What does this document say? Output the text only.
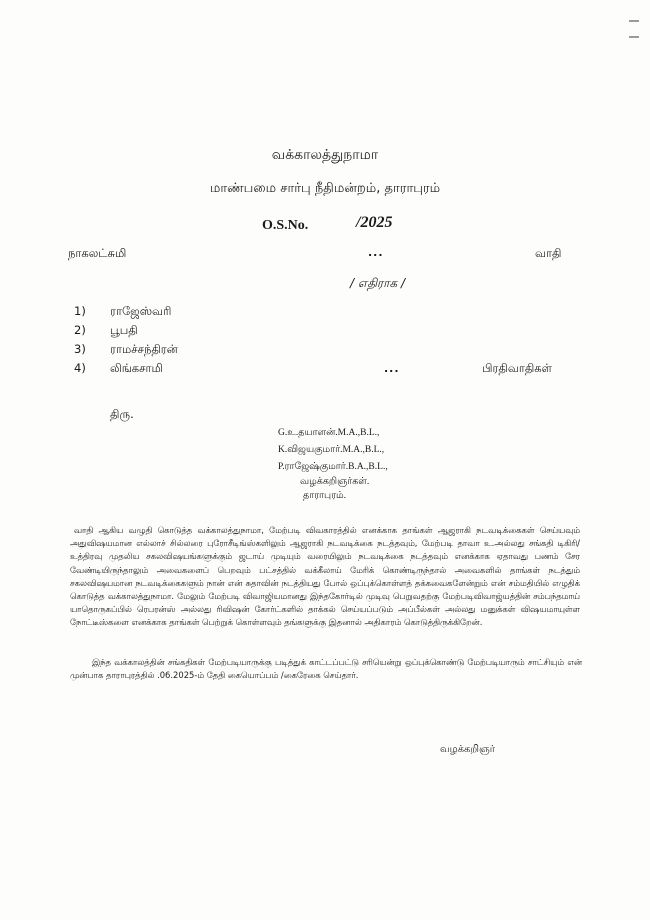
வக்காலத்துநாமா
மாண்பமை சார்பு நீதிமன்றம், தாராபுரம்
O.S.No.	/2025
நாகலட்சுமி	...	வாதி
/ எதிராக /
1) ராஜேஸ்வரி
2) பூபதி
3) ராமச்சந்திரன்
4) லிங்கசாமி	...	பிரதிவாதிகள்
திரு.
G.உ.தயாளன்.M.A.,B.L.,
K.விஜயகுமார்.M.A.,B.L.,
P.ராஜேஷ்குமார்.B.A.,B.L.,
வழக்கறிஞர்கள்.
தாராபுரம்.
வாதி ஆகிய வழுதி கொடுத்த வக்காலத்துநாமா, மேற்படி விவகாரத்தில் எனக்காக தாங்கள் ஆஜராகி நடவடிக்கைகள் செய்யவும் அதுவிஷயமான எல்லாச் சில்லரை புரோசீடிங்ஸ்களிலும் ஆஜராகி நடவடிக்கை நடத்தவும், மேற்படி தாவா உ.அல்லது சங்கதி டிகிரி/உத்திரவு முதலிய சகலவிஷயங்களுக்கும் ஜடாய் முடியும் வரையிலும் நடவடிக்கை நடத்தவும் எனக்காக ஏதாவது பணம் சேர வேண்டியிருந்தாலும் அவைகளைப் பெறவும் பட்சத்தில் வக்கீலாய் மேரிக் கொண்டிருந்தால் அவைகளில் தாங்கள் நடத்தும் சகலவிஷயமான நடவடிக்கைகளும் நான் என் சுதாவின் நடத்தியது போல் ஒப்புக்கொள்ளத் தக்கவைகளேன்றும் என் சம்மதியில் எழுதிக் கொடுத்த வக்காலத்துநாமா. மேலும் மேற்படி விவாஜியமானது இந்தகோர்டில் முடிவு பெறுவதற்கு மேற்படிவிவாஜ்யத்தின் சம்பந்தமாய் யாதொருகப்பில் ரெபரன்ஸ் அல்லது ரிவிஷன் கோர்ட்களில் தாக்கல் செய்யப்படும் அப்பீல்கள் அல்லது மனுக்கள் விஷயமாயுள்ள நோட்டீஸ்களை எனக்காக தாங்கள் பெற்றுக் கொள்ளவும் தங்களுக்கு இதனால் அதிகாரம் கொடுத்திருக்கிறேன்.
இந்த வக்காலத்தின் சங்கதிகள் மேற்படியாருக்கு படித்துக் காட்டப்பட்டு சரியென்று ஒப்புக்கொண்டு மேற்படியாரும் சாட்சியும் என் முன்பாக தாராபுரத்தில் .06.2025-ம் தேதி கையொப்பம் /கைரேகை செய்தார்.
வழக்கறிஞர்
